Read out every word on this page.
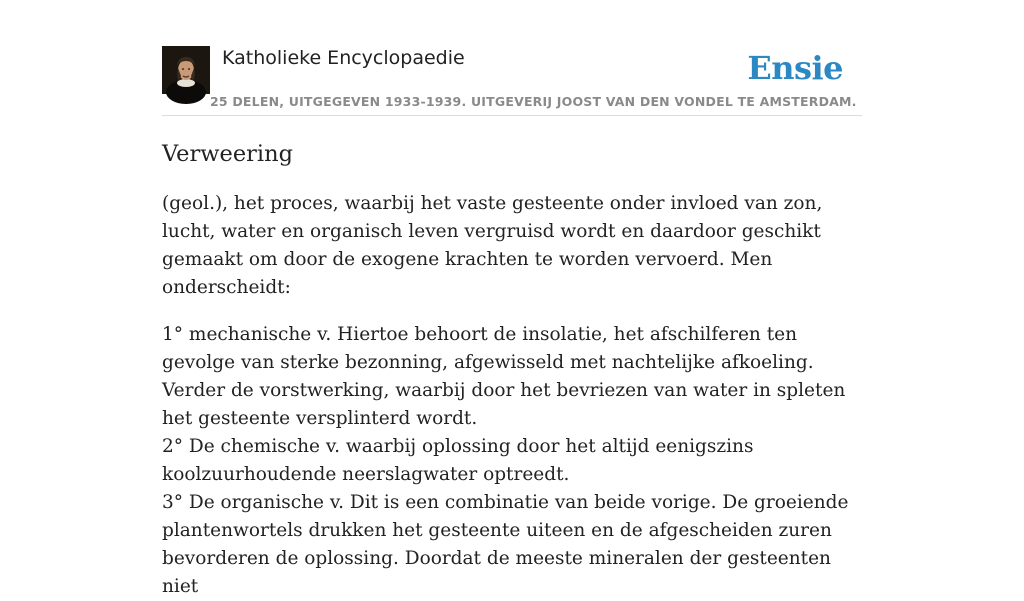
Katholieke Encyclopaedie
25 DELEN, UITGEGEVEN 1933-1939. UITGEVERIJ JOOST VAN DEN VONDEL TE AMSTERDAM.
Ensie
Verweering

(geol.), het proces, waarbij het vaste gesteente onder invloed van zon, lucht, water en organisch leven vergruisd wordt en daardoor geschikt gemaakt om door de exogene krachten te worden vervoerd. Men onderscheidt:

1° mechanische v. Hiertoe behoort de insolatie, het afschilferen ten gevolge van sterke bezonning, afgewisseld met nachtelijke afkoeling. Verder de vorstwerking, waarbij door het bevriezen van water in spleten het gesteente versplinterd wordt.

2° De chemische v. waarbij oplossing door het altijd eenigszins koolzuurhoudende neerslagwater optreedt.

3° De organische v. Dit is een combinatie van beide vorige. De groeiende plantenwortels drukken het gesteente uiteen en de afgescheiden zuren bevorderen de oplossing. Doordat de meeste mineralen der gesteenten niet
